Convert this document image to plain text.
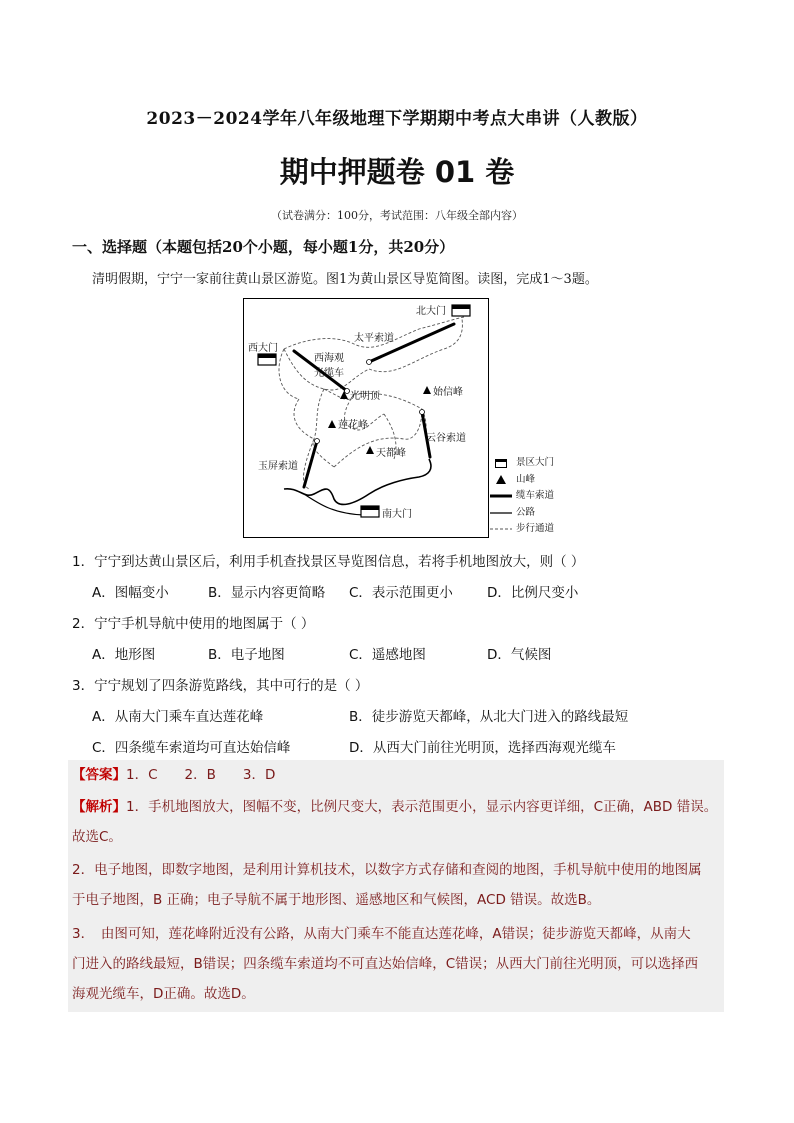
2023－2024学年八年级地理下学期期中考点大串讲（人教版）
期中押题卷 01 卷
（试卷满分：100分，考试范围：八年级全部内容）
一、选择题（本题包括20个小题，每小题1分，共20分）
清明假期，宁宁一家前往黄山景区游览。图1为黄山景区导览简图。读图，完成1～3题。
北大门
西大门
南大门
太平索道
西海观
光缆车
光明顶	始信峰
莲花峰
天都峰
云谷索道
玉屏索道	景区大门
山峰
缆车索道
公路
步行通道
1．宁宁到达黄山景区后，利用手机查找景区导览图信息，若将手机地图放大，则（ ）
A．图幅变小	B．显示内容更简略 C．表示范围更小	D．比例尺变小
2．宁宁手机导航中使用的地图属于（ ）
A．地形图	B．电子地图	C．遥感地图	D．气候图
3．宁宁规划了四条游览路线，其中可行的是（ ）
A．从南大门乘车直达莲花峰	B．徒步游览天都峰，从北大门进入的路线最短
C．四条缆车索道均可直达始信峰	D．从西大门前往光明顶，选择西海观光缆车
【答案】1．C　　2．B　　3．D
【解析】1．手机地图放大，图幅不变，比例尺变大，表示范围更小，显示内容更详细，C正确，ABD 错误。
故选C。
2．电子地图，即数字地图，是利用计算机技术，以数字方式存储和查阅的地图，手机导航中使用的地图属
于电子地图，B 正确；电子导航不属于地形图、遥感地区和气候图，ACD 错误。故选B。
3．　由图可知，莲花峰附近没有公路，从南大门乘车不能直达莲花峰，A错误；徒步游览天都峰，从南大
门进入的路线最短，B错误；四条缆车索道均不可直达始信峰，C错误；从西大门前往光明顶，可以选择西
海观光缆车，D正确。故选D。
